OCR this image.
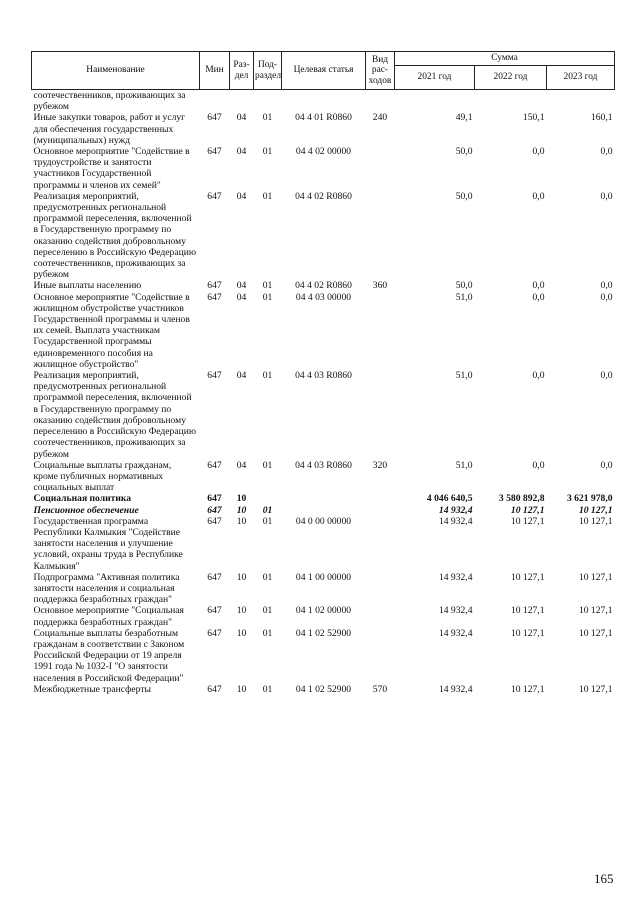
Наименование	Мин	Раз-дел	Под-раздел	Целевая статья	Вид рас-ходов	Сумма		
						2021 год	2022 год	2023 год
соотечественников, проживающих за рубежом								
Иные закупки товаров, работ и услуг для обеспечения государственных (муниципальных) нужд	647	04	01	04 4 01 R0860	240	49,1	150,1	160,1
Основное мероприятие "Содействие в трудоустройстве и занятости участников Государственной программы и членов их семей"	647	04	01	04 4 02 00000		50,0	0,0	0,0
Реализация мероприятий, предусмотренных региональной программой переселения, включенной в Государственную программу по оказанию содействия добровольному переселению в Российскую Федерацию соотечественников, проживающих за рубежом	647	04	01	04 4 02 R0860		50,0	0,0	0,0
Иные выплаты населению	647	04	01	04 4 02 R0860	360	50,0	0,0	0,0
Основное мероприятие "Содействие в жилищном обустройстве участников Государственной программы и членов их семей. Выплата участникам Государственной программы единовременного пособия на жилищное обустройство"	647	04	01	04 4 03 00000		51,0	0,0	0,0
Реализация мероприятий, предусмотренных региональной программой переселения, включенной в Государственную программу по оказанию содействия добровольному переселению в Российскую Федерацию соотечественников, проживающих за рубежом	647	04	01	04 4 03 R0860		51,0	0,0	0,0
Социальные выплаты гражданам, кроме публичных нормативных социальных выплат	647	04	01	04 4 03 R0860	320	51,0	0,0	0,0
Социальная политика	647	10				4 046 640,5	3 580 892,8	3 621 978,0
Пенсионное обеспечение	647	10	01			14 932,4	10 127,1	10 127,1
Государственная программа Республики Калмыкия "Содействие занятости населения и улучшение условий, охраны труда в Республике Калмыкия"	647	10	01	04 0 00 00000		14 932,4	10 127,1	10 127,1
Подпрограмма "Активная политика занятости населения и социальная поддержка безработных граждан"	647	10	01	04 1 00 00000		14 932,4	10 127,1	10 127,1
Основное мероприятие "Социальная поддержка безработных граждан"	647	10	01	04 1 02 00000		14 932,4	10 127,1	10 127,1
Социальные выплаты безработным гражданам в соответствии с Законом Российской Федерации от 19 апреля 1991 года № 1032-I "О занятости населения в Российской Федерации"	647	10	01	04 1 02 52900		14 932,4	10 127,1	10 127,1
Межбюджетные трансферты	647	10	01	04 1 02 52900	570	14 932,4	10 127,1	10 127,1
165
